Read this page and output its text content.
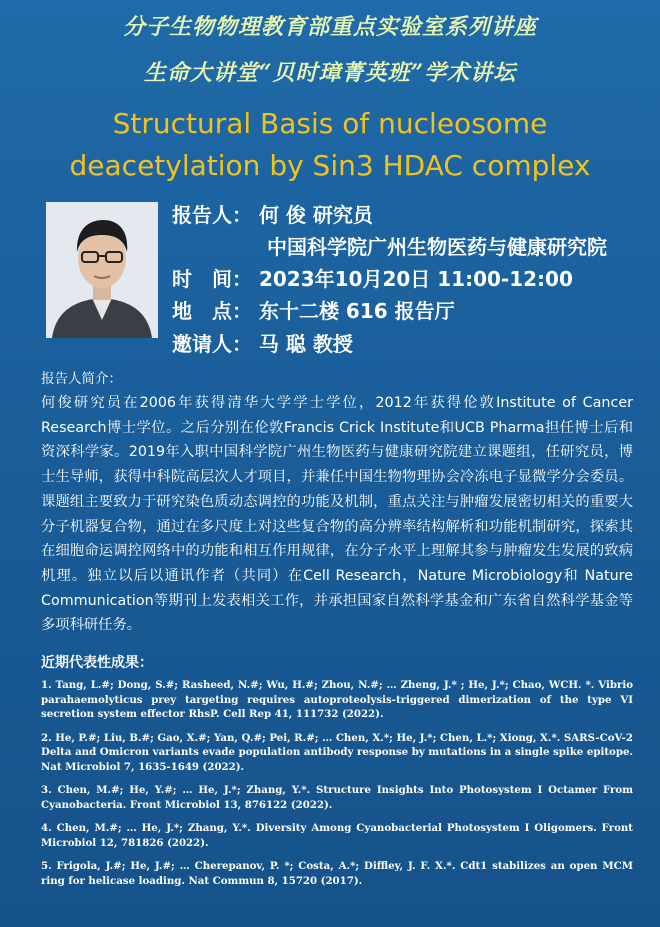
分子生物物理教育部重点实验室系列讲座
生命大讲堂“贝时璋菁英班”学术讲坛
Structural Basis of nucleosome
deacetylation by Sin3 HDAC complex
报告人： 何 俊 研究员
中国科学院广州生物医药与健康研究院
时　间： 2023年10月20日 11:00-12:00
地　点： 东十二楼 616 报告厅
邀请人： 马 聪 教授
报告人简介：
何俊研究员在2006年获得清华大学学士学位，2012年获得伦敦Institute of Cancer Research博士学位。之后分别在伦敦Francis Crick Institute和UCB Pharma担任博士后和资深科学家。2019年入职中国科学院广州生物医药与健康研究院建立课题组，任研究员，博士生导师，获得中科院高层次人才项目，并兼任中国生物物理协会冷冻电子显微学分会委员。课题组主要致力于研究染色质动态调控的功能及机制，重点关注与肿瘤发展密切相关的重要大分子机器复合物，通过在多尺度上对这些复合物的高分辨率结构解析和功能机制研究，探索其在细胞命运调控网络中的功能和相互作用规律，在分子水平上理解其参与肿瘤发生发展的致病机理。独立以后以通讯作者（共同）在Cell Research，Nature Microbiology和 Nature Communication等期刊上发表相关工作，并承担国家自然科学基金和广东省自然科学基金等多项科研任务。
近期代表性成果：
1. Tang, L.#; Dong, S.#; Rasheed, N.#; Wu, H.#; Zhou, N.#; … Zheng, J.* ; He, J.*; Chao, WCH. *. Vibrio parahaemolyticus prey targeting requires autoproteolysis-triggered dimerization of the type VI secretion system effector RhsP. Cell Rep 41, 111732 (2022).
2. He, P.#; Liu, B.#; Gao, X.#; Yan, Q.#; Pei, R.#; … Chen, X.*; He, J.*; Chen, L.*; Xiong, X.*. SARS-CoV-2 Delta and Omicron variants evade population antibody response by mutations in a single spike epitope. Nat Microbiol 7, 1635-1649 (2022).
3. Chen, M.#; He, Y.#; … He, J.*; Zhang, Y.*. Structure Insights Into Photosystem I Octamer From Cyanobacteria. Front Microbiol 13, 876122 (2022).
4. Chen, M.#; … He, J.*; Zhang, Y.*. Diversity Among Cyanobacterial Photosystem I Oligomers. Front Microbiol 12, 781826 (2022).
5. Frigola, J.#; He, J.#; … Cherepanov, P. *; Costa, A.*; Diffley, J. F. X.*. Cdt1 stabilizes an open MCM ring for helicase loading. Nat Commun 8, 15720 (2017).
